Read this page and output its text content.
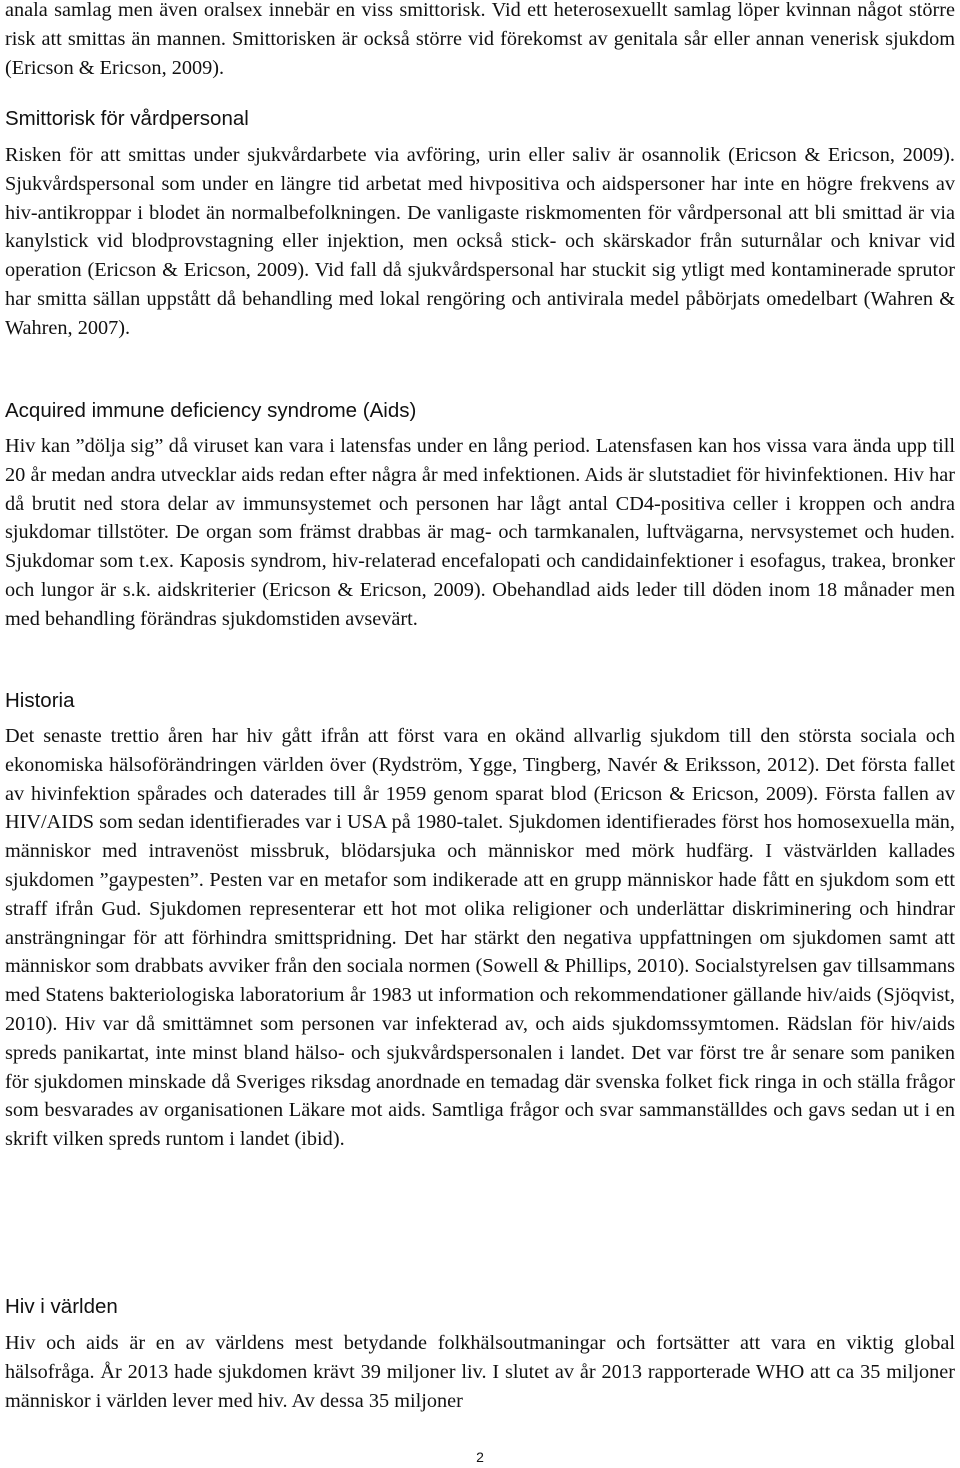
anala samlag men även oralsex innebär en viss smittorisk. Vid ett heterosexuellt samlag löper kvinnan något större risk att smittas än mannen. Smittorisken är också större vid förekomst av genitala sår eller annan venerisk sjukdom (Ericson & Ericson, 2009).

Smittorisk för vårdpersonal

Risken för att smittas under sjukvårdarbete via avföring, urin eller saliv är osannolik (Ericson & Ericson, 2009). Sjukvårdspersonal som under en längre tid arbetat med hivpositiva och aidspersoner har inte en högre frekvens av hiv-antikroppar i blodet än normalbefolkningen. De vanligaste riskmomenten för vårdpersonal att bli smittad är via kanylstick vid blodprovstagning eller injektion, men också stick- och skärskador från suturnålar och knivar vid operation (Ericson & Ericson, 2009). Vid fall då sjukvårdspersonal har stuckit sig ytligt med kontaminerade sprutor har smitta sällan uppstått då behandling med lokal rengöring och antivirala medel påbörjats omedelbart (Wahren & Wahren, 2007).

Acquired immune deficiency syndrome (Aids)

Hiv kan ”dölja sig” då viruset kan vara i latensfas under en lång period. Latensfasen kan hos vissa vara ända upp till 20 år medan andra utvecklar aids redan efter några år med infektionen. Aids är slutstadiet för hivinfektionen. Hiv har då brutit ned stora delar av immunsystemet och personen har lågt antal CD4-positiva celler i kroppen och andra sjukdomar tillstöter. De organ som främst drabbas är mag- och tarmkanalen, luftvägarna, nervsystemet och huden. Sjukdomar som t.ex. Kaposis syndrom, hiv-relaterad encefalopati och candidainfektioner i esofagus, trakea, bronker och lungor är s.k. aidskriterier (Ericson & Ericson, 2009). Obehandlad aids leder till döden inom 18 månader men med behandling förändras sjukdomstiden avsevärt.

Historia

Det senaste trettio åren har hiv gått ifrån att först vara en okänd allvarlig sjukdom till den största sociala och ekonomiska hälsoförändringen världen över (Rydström, Ygge, Tingberg, Navér & Eriksson, 2012). Det första fallet av hivinfektion spårades och daterades till år 1959 genom sparat blod (Ericson & Ericson, 2009). Första fallen av HIV/AIDS som sedan identifierades var i USA på 1980-talet. Sjukdomen identifierades först hos homosexuella män, människor med intravenöst missbruk, blödarsjuka och människor med mörk hudfärg. I västvärlden kallades sjukdomen ”gaypesten”. Pesten var en metafor som indikerade att en grupp människor hade fått en sjukdom som ett straff ifrån Gud. Sjukdomen representerar ett hot mot olika religioner och underlättar diskriminering och hindrar ansträngningar för att förhindra smittspridning. Det har stärkt den negativa uppfattningen om sjukdomen samt att människor som drabbats avviker från den sociala normen (Sowell & Phillips, 2010). Socialstyrelsen gav tillsammans med Statens bakteriologiska laboratorium år 1983 ut information och rekommendationer gällande hiv/aids (Sjöqvist, 2010). Hiv var då smittämnet som personen var infekterad av, och aids sjukdomssymtomen. Rädslan för hiv/aids spreds panikartat, inte minst bland hälso- och sjukvårdspersonalen i landet. Det var först tre år senare som paniken för sjukdomen minskade då Sveriges riksdag anordnade en temadag där svenska folket fick ringa in och ställa frågor som besvarades av organisationen Läkare mot aids. Samtliga frågor och svar sammanställdes och gavs sedan ut i en skrift vilken spreds runtom i landet (ibid).

Hiv i världen

Hiv och aids är en av världens mest betydande folkhälsoutmaningar och fortsätter att vara en viktig global hälsofråga. År 2013 hade sjukdomen krävt 39 miljoner liv. I slutet av år 2013 rapporterade WHO att ca 35 miljoner människor i världen lever med hiv. Av dessa 35 miljoner

2
